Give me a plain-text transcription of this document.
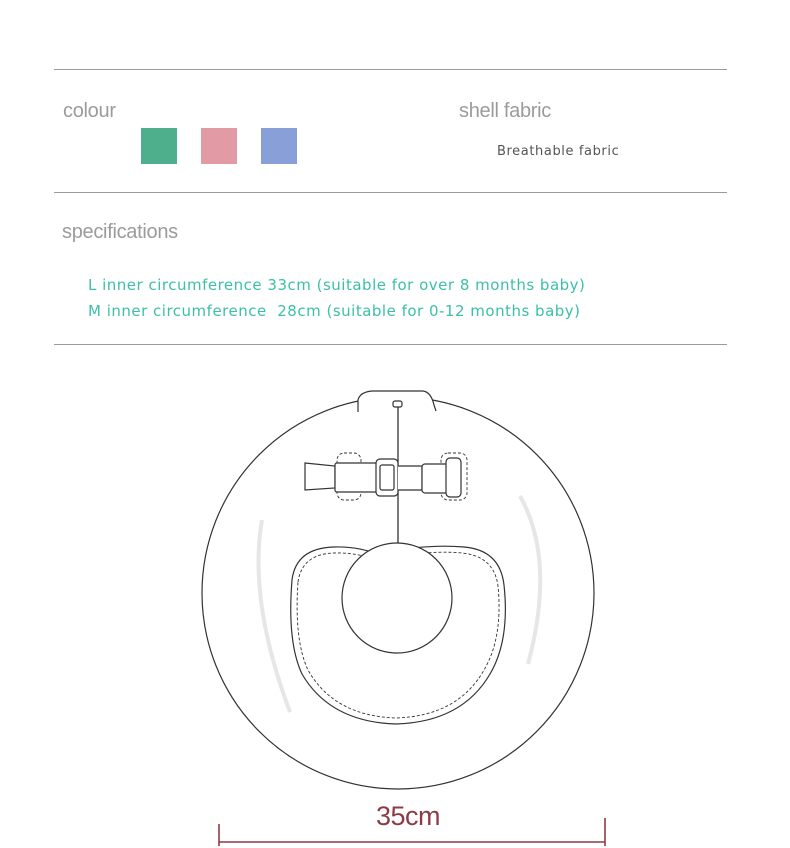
colour	shell fabric
Breathable fabric
specifications
L inner circumference 33cm (suitable for over 8 months baby)
M inner circumference  28cm (suitable for 0-12 months baby)
35cm
